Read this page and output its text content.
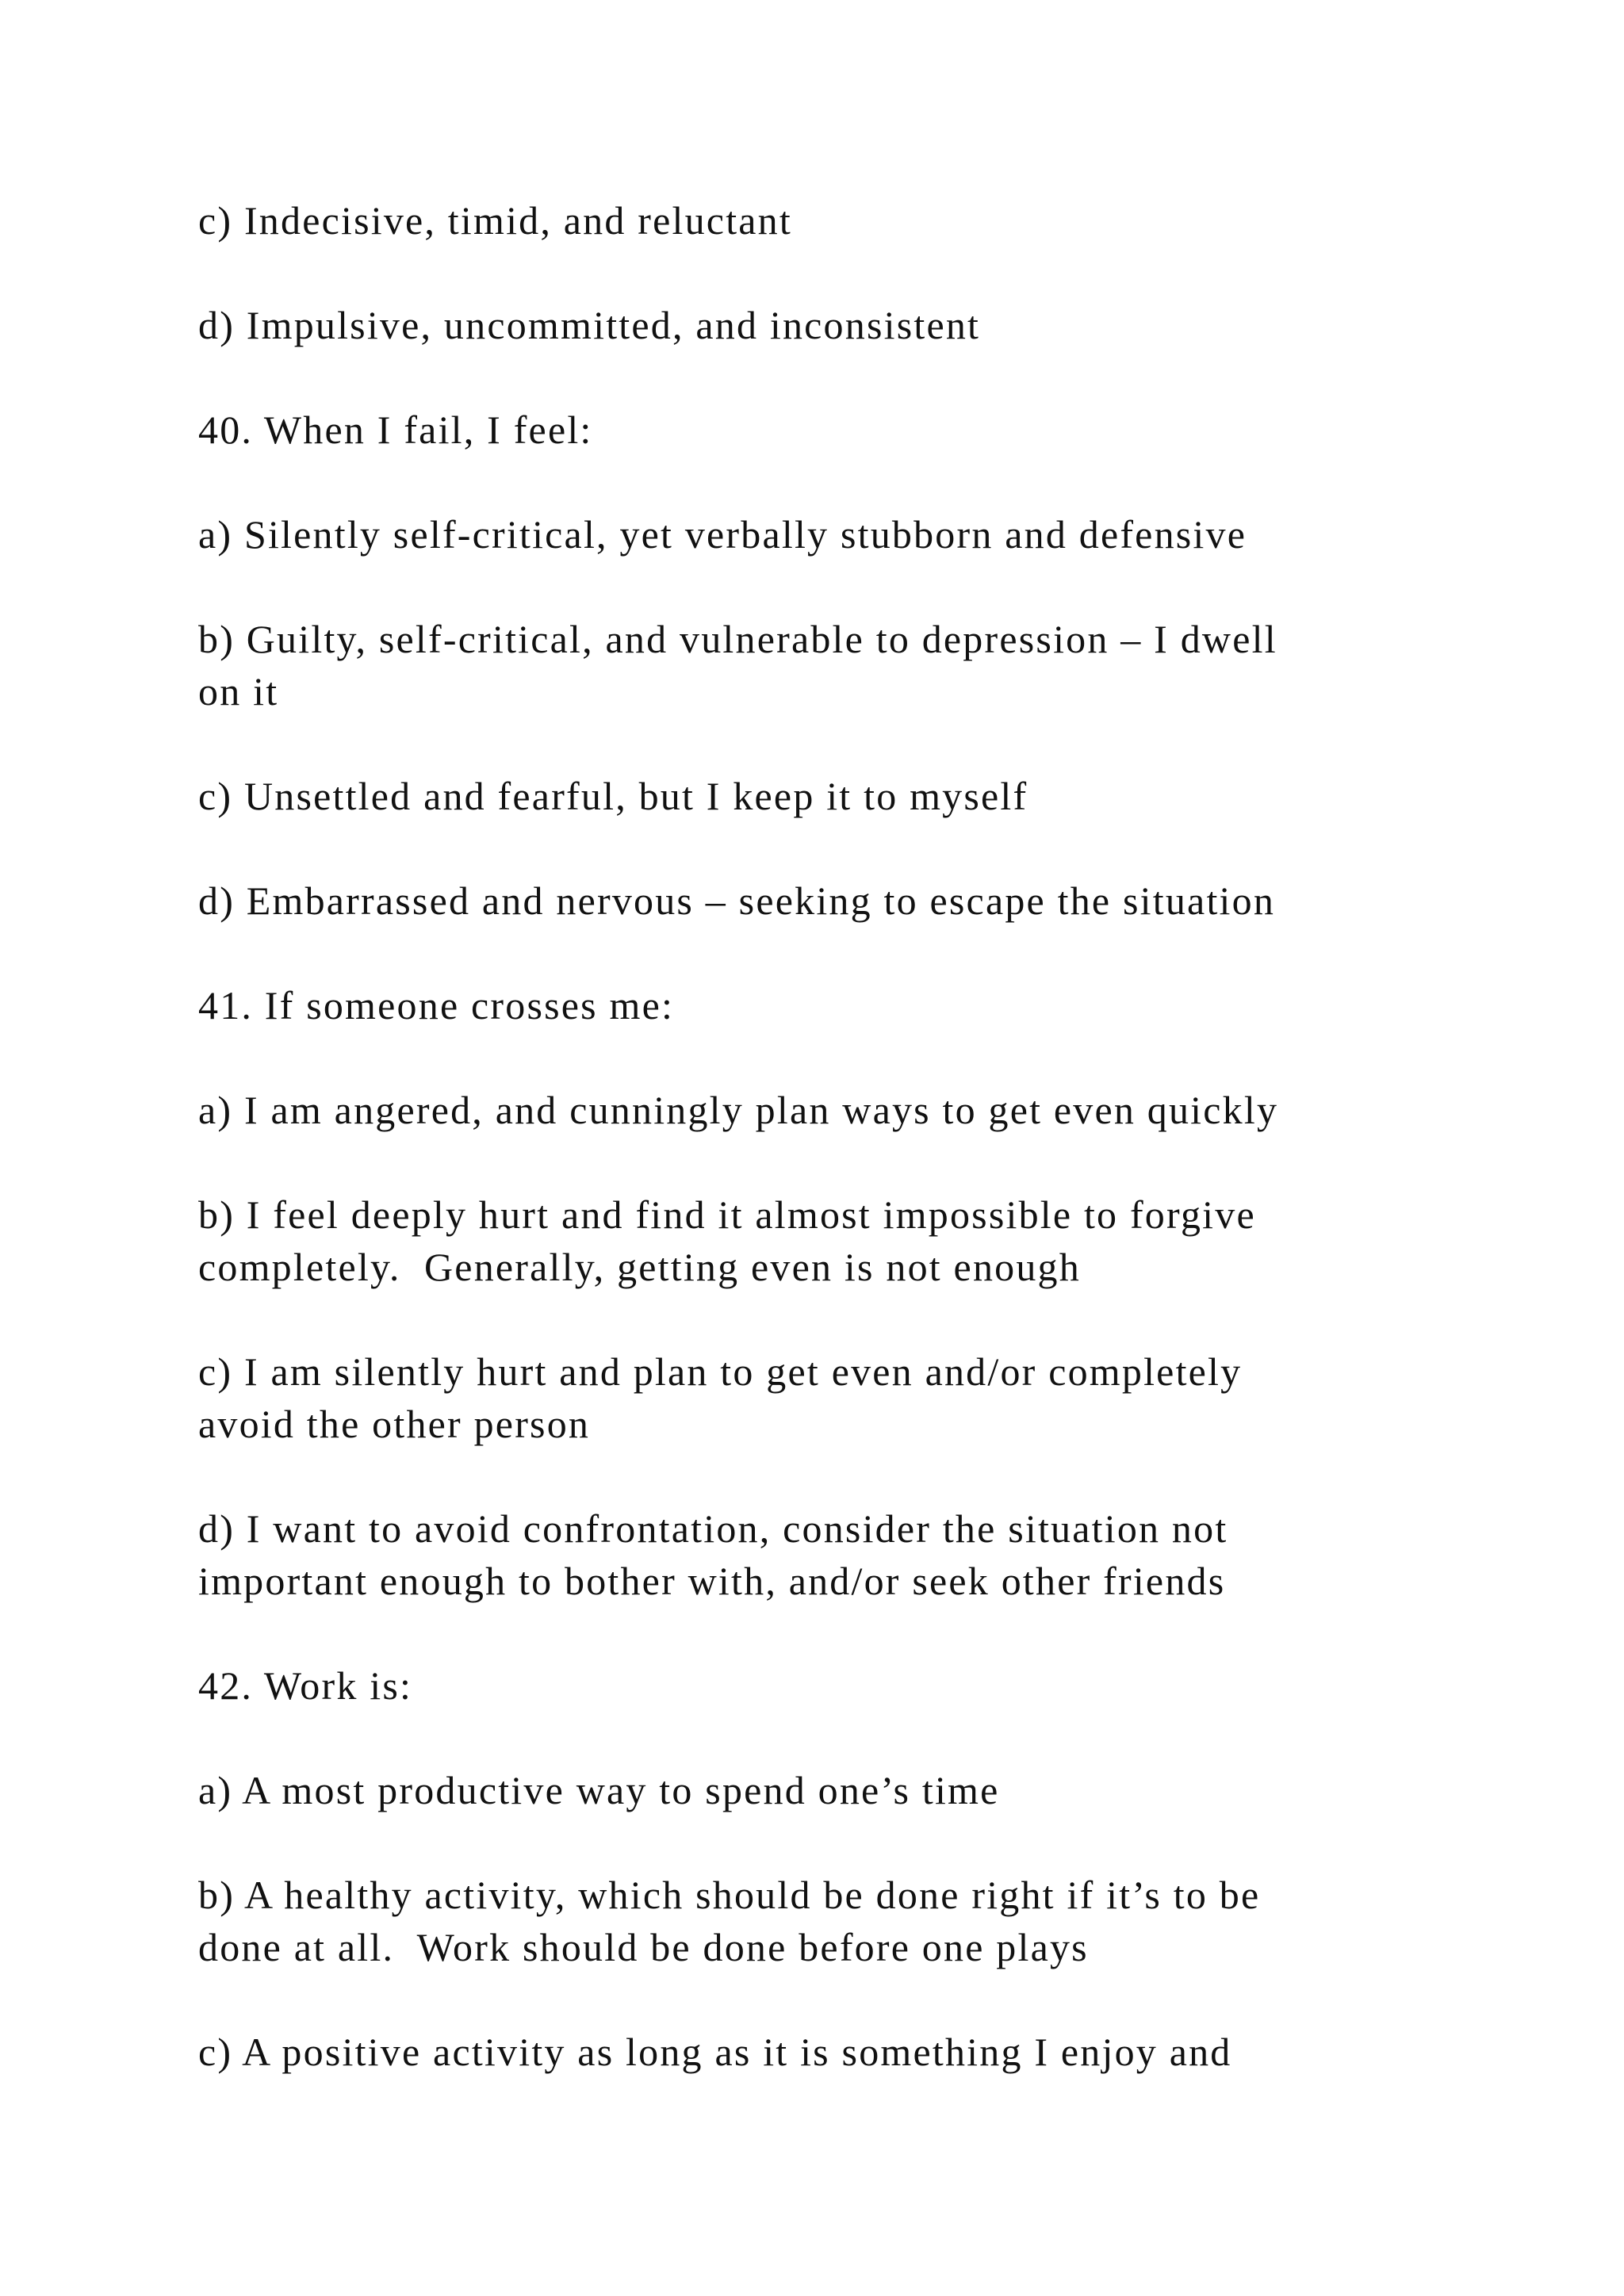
c) Indecisive, timid, and reluctant

d) Impulsive, uncommitted, and inconsistent

40. When I fail, I feel:

a) Silently self-critical, yet verbally stubborn and defensive

b) Guilty, self-critical, and vulnerable to depression – I dwell
on it

c) Unsettled and fearful, but I keep it to myself

d) Embarrassed and nervous – seeking to escape the situation

41. If someone crosses me:

a) I am angered, and cunningly plan ways to get even quickly

b) I feel deeply hurt and find it almost impossible to forgive
completely.  Generally, getting even is not enough

c) I am silently hurt and plan to get even and/or completely
avoid the other person

d) I want to avoid confrontation, consider the situation not
important enough to bother with, and/or seek other friends

42. Work is:

a) A most productive way to spend one’s time

b) A healthy activity, which should be done right if it’s to be
done at all.  Work should be done before one plays

c) A positive activity as long as it is something I enjoy and
